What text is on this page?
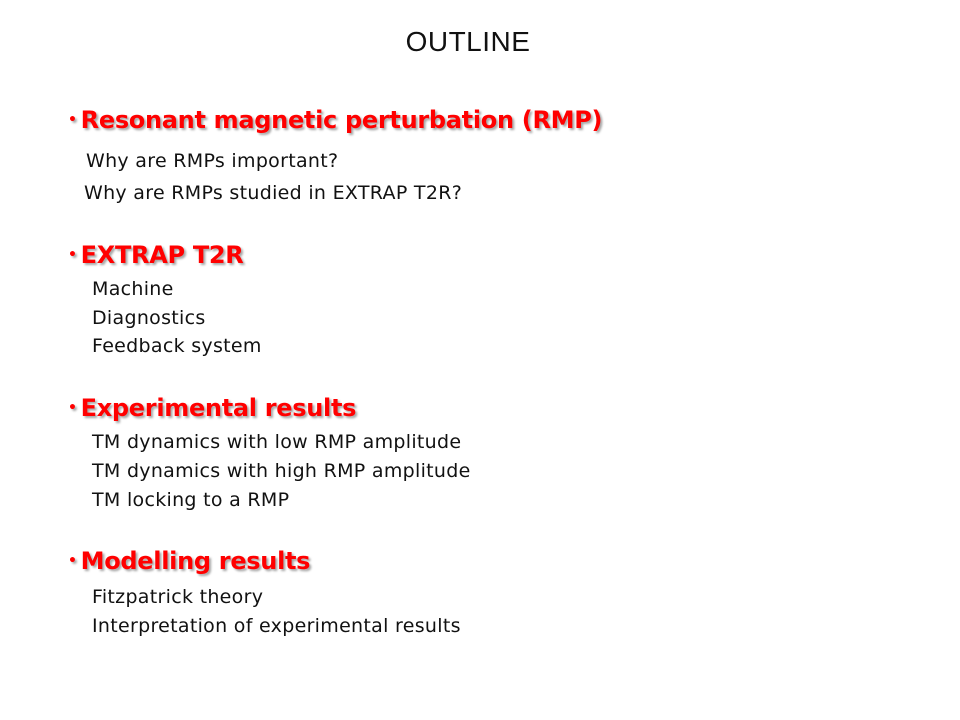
OUTLINE
• Resonant magnetic perturbation (RMP)
Why are RMPs important?
Why are RMPs studied in EXTRAP T2R?
• EXTRAP T2R
Machine
Diagnostics
Feedback system
• Experimental results
TM dynamics with low RMP amplitude
TM dynamics with high RMP amplitude
TM locking to a RMP
• Modelling results
Fitzpatrick theory
Interpretation of experimental results
